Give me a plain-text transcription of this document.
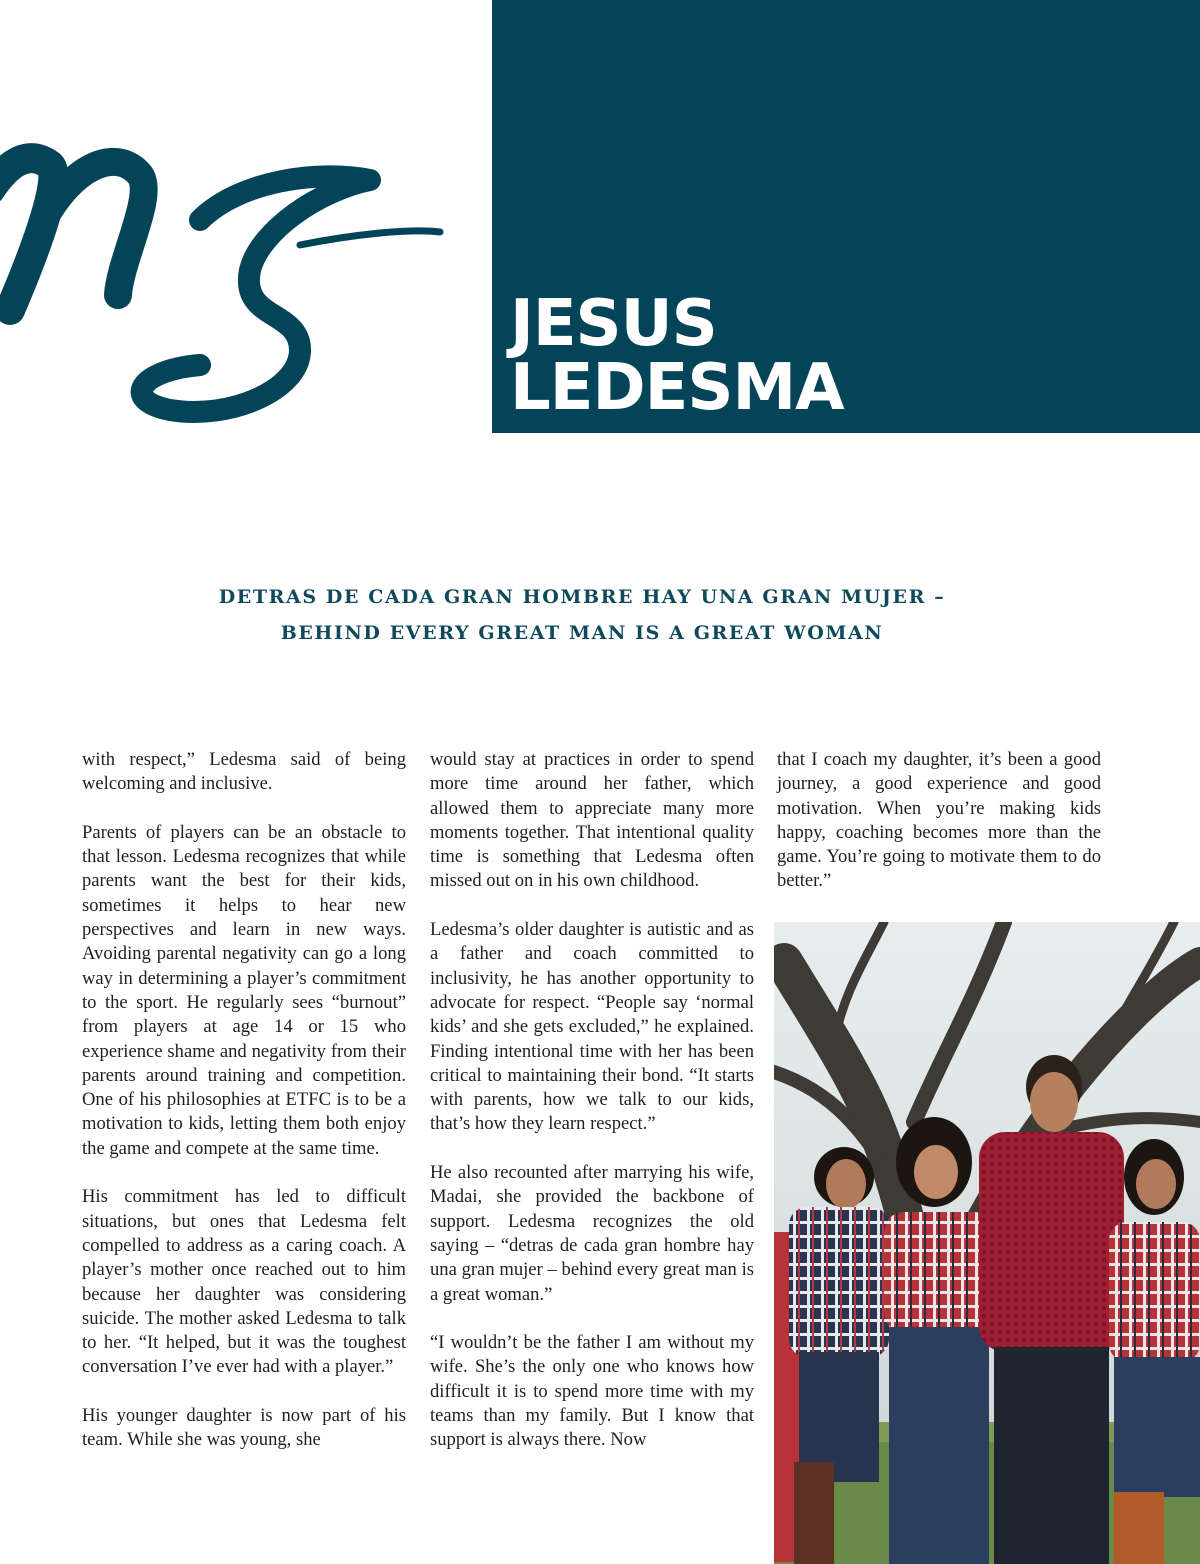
JESUS
LEDESMA
DETRAS DE CADA GRAN HOMBRE HAY UNA GRAN MUJER –
BEHIND EVERY GREAT MAN IS A GREAT WOMAN

with respect,” Ledesma said of being welcoming and inclusive.

Parents of players can be an obstacle to that lesson. Ledesma recognizes that while parents want the best for their kids, sometimes it helps to hear new perspectives and learn in new ways. Avoiding parental negativity can go a long way in determining a player’s commitment to the sport. He regularly sees “burnout” from players at age 14 or 15 who experience shame and negativity from their parents around training and competition. One of his philosophies at ETFC is to be a motivation to kids, letting them both enjoy the game and compete at the same time.

His commitment has led to difficult situations, but ones that Ledesma felt compelled to address as a caring coach. A player’s mother once reached out to him because her daughter was considering suicide. The mother asked Ledesma to talk to her. “It helped, but it was the toughest conversation I’ve ever had with a player.”

His younger daughter is now part of his team. While she was young, she

would stay at practices in order to spend more time around her father, which allowed them to appreciate many more moments together. That intentional quality time is something that Ledesma often missed out on in his own childhood.

Ledesma’s older daughter is autistic and as a father and coach committed to inclusivity, he has another opportunity to advocate for respect. “People say ‘normal kids’ and she gets excluded,” he explained. Finding intentional time with her has been critical to maintaining their bond. “It starts with parents, how we talk to our kids, that’s how they learn respect.”

He also recounted after marrying his wife, Madai, she provided the backbone of support. Ledesma recognizes the old saying – “detras de cada gran hombre hay una gran mujer – behind every great man is a great woman.”

“I wouldn’t be the father I am without my wife. She’s the only one who knows how difficult it is to spend more time with my teams than my family. But I know that support is always there. Now

that I coach my daughter, it’s been a good journey, a good experience and good motivation. When you’re making kids happy, coaching becomes more than the game. You’re going to motivate them to do better.”
